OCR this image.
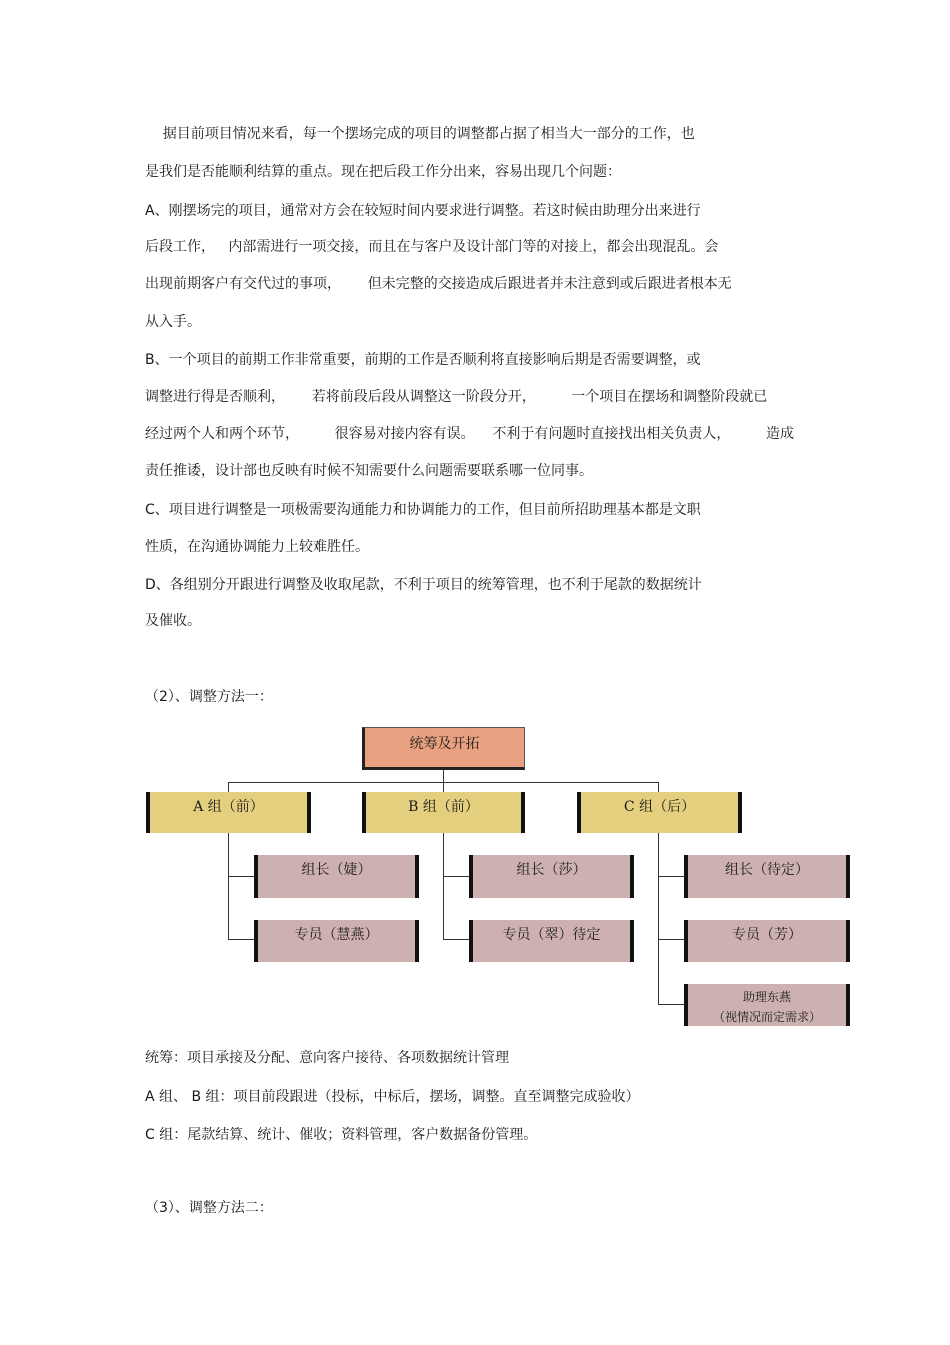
据目前项目情况来看，每一个摆场完成的项目的调整都占据了相当大一部分的工作，也
是我们是否能顺利结算的重点。现在把后段工作分出来，容易出现几个问题：
A、刚摆场完的项目，通常对方会在较短时间内要求进行调整。若这时候由助理分出来进行
后段工作，   内部需进行一项交接，而且在与客户及设计部门等的对接上，都会出现混乱。会
出现前期客户有交代过的事项，      但未完整的交接造成后跟进者并未注意到或后跟进者根本无
从入手。
B、一个项目的前期工作非常重要，前期的工作是否顺利将直接影响后期是否需要调整，或
调整进行得是否顺利，      若将前段后段从调整这一阶段分开，        一个项目在摆场和调整阶段就已
经过两个人和两个环节，        很容易对接内容有误。    不利于有问题时直接找出相关负责人，        造成
责任推诿，设计部也反映有时候不知需要什么问题需要联系哪一位同事。
C、项目进行调整是一项极需要沟通能力和协调能力的工作，但目前所招助理基本都是文职
性质，在沟通协调能力上较难胜任。
D、各组别分开跟进行调整及收取尾款，不利于项目的统筹管理，也不利于尾款的数据统计
及催收。
（2）、调整方法一：
统筹及开拓
A 组（前）	B 组（前）	C 组（后）
组长（婕）
专员（慧燕）
组长（莎）
专员（翠）待定
组长（待定）
专员（芳）
助理东燕
（视情况而定需求）
统筹：项目承接及分配、意向客户接待、各项数据统计管理
A 组、 B 组：项目前段跟进（投标，中标后，摆场，调整。直至调整完成验收）
C 组：尾款结算、统计、催收；资料管理，客户数据备份管理。
（3）、调整方法二：
